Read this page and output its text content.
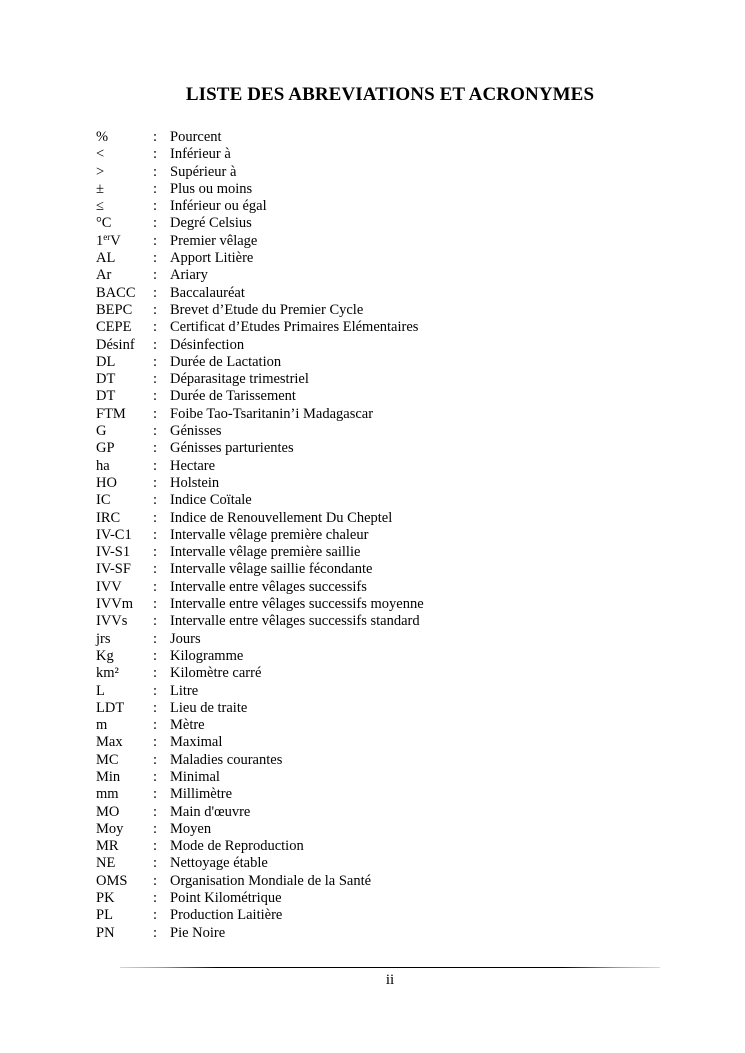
LISTE DES ABREVIATIONS ET ACRONYMES
%	: Pourcent
<	: Inférieur à
>	: Supérieur à
±	: Plus ou moins
≤	: Inférieur ou égal
°C	: Degré Celsius
1erV	: Premier vêlage
AL	: Apport Litière
Ar	: Ariary
BACC	: Baccalauréat
BEPC	: Brevet d’Etude du Premier Cycle
CEPE	: Certificat d’Etudes Primaires Elémentaires
Désinf	: Désinfection
DL	: Durée de Lactation
DT	: Déparasitage trimestriel
DT	: Durée de Tarissement
FTM	: Foibe Tao-Tsaritanin’i Madagascar
G	: Génisses
GP	: Génisses parturientes
ha	: Hectare
HO	: Holstein
IC	: Indice Coïtale
IRC	: Indice de Renouvellement Du Cheptel
IV-C1	: Intervalle vêlage première chaleur
IV-S1	: Intervalle vêlage première saillie
IV-SF	: Intervalle vêlage saillie fécondante
IVV	: Intervalle entre vêlages successifs
IVVm	: Intervalle entre vêlages successifs moyenne
IVVs	: Intervalle entre vêlages successifs standard
jrs	: Jours
Kg	: Kilogramme
km²	: Kilomètre carré
L	: Litre
LDT	: Lieu de traite
m	: Mètre
Max	: Maximal
MC	: Maladies courantes
Min	: Minimal
mm	: Millimètre
MO	: Main d'œuvre
Moy	: Moyen
MR	: Mode de Reproduction
NE	: Nettoyage étable
OMS	: Organisation Mondiale de la Santé
PK	: Point Kilométrique
PL	: Production Laitière
PN	: Pie Noire
ii
